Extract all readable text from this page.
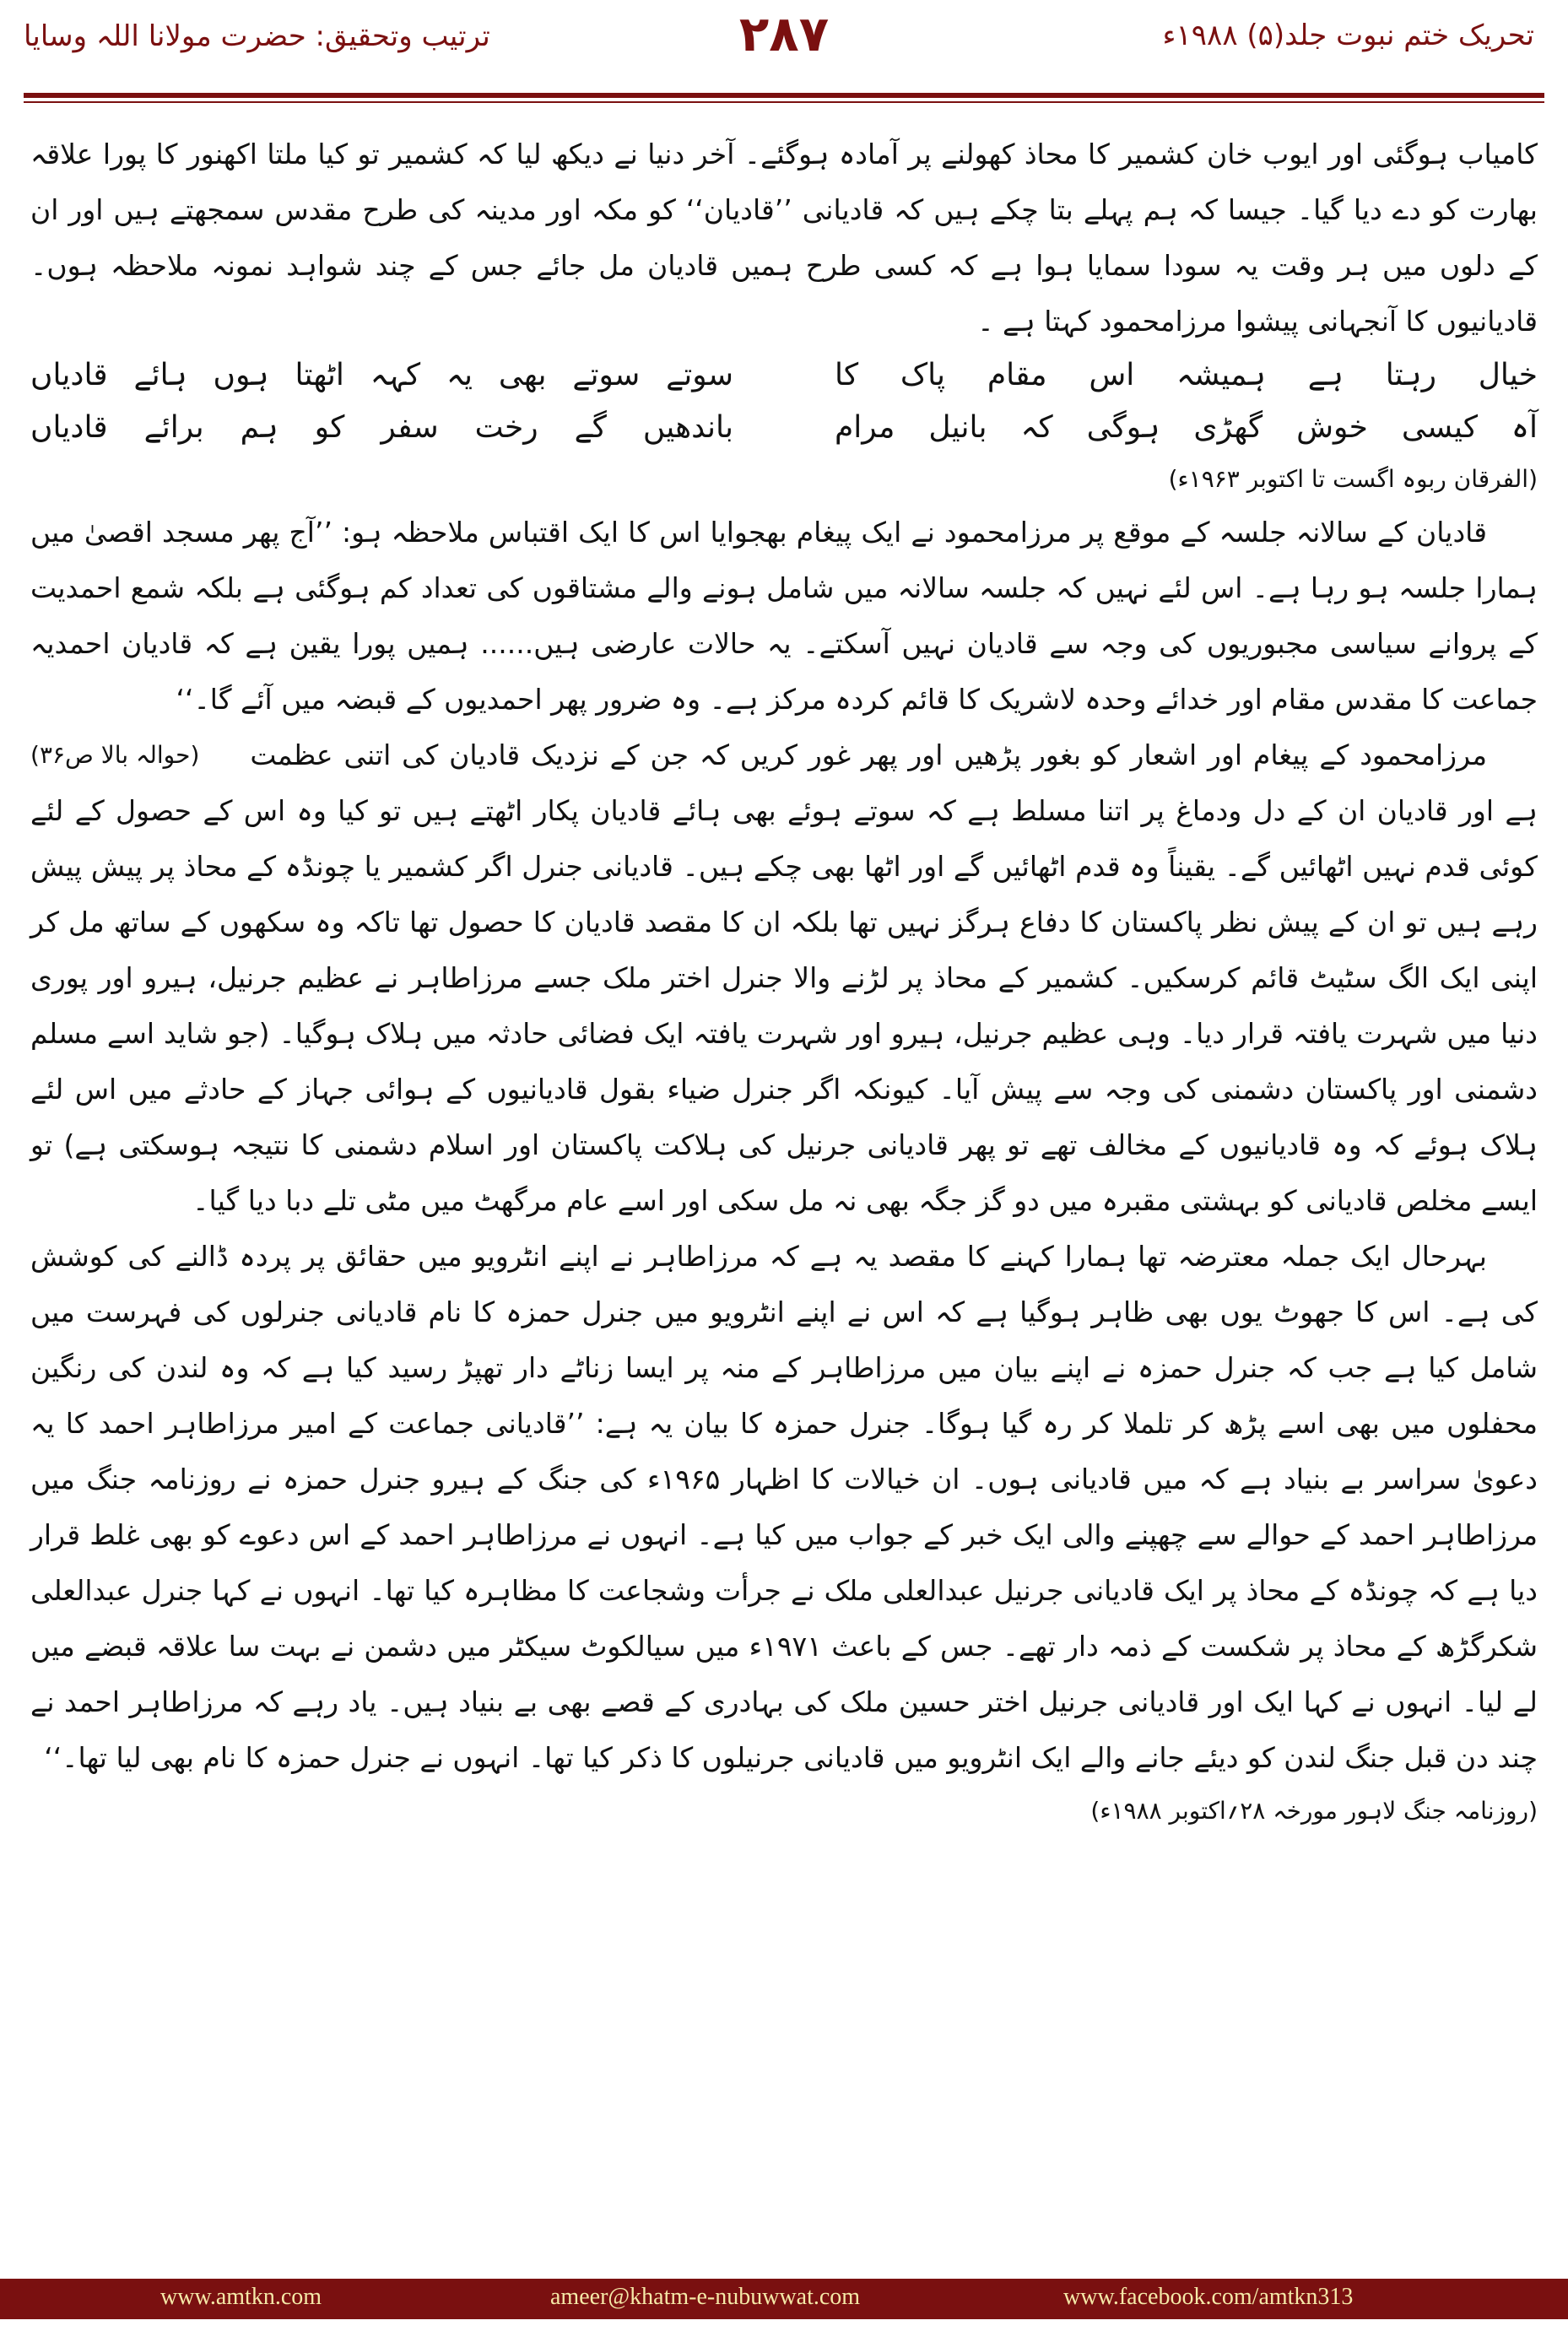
تحریک ختم نبوت جلد(۵) ۱۹۸۸ء
۲۸۷
ترتیب وتحقیق: حضرت مولانا اللہ وسایا

کامیاب ہوگئی اور ایوب خان کشمیر کا محاذ کھولنے پر آمادہ ہوگئے۔ آخر دنیا نے دیکھ لیا کہ کشمیر تو کیا ملتا اکھنور کا پورا علاقہ بھارت کو دے دیا گیا۔ جیسا کہ ہم پہلے بتا چکے ہیں کہ قادیانی ’’قادیان‘‘ کو مکہ اور مدینہ کی طرح مقدس سمجھتے ہیں اور ان کے دلوں میں ہر وقت یہ سودا سمایا ہوا ہے کہ کسی طرح ہمیں قادیان مل جائے جس کے چند شواہد نمونہ ملاحظہ ہوں۔ قادیانیوں کا آنجہانی پیشوا مرزامحمود کہتا ہے ۔

خیال رہتا ہے ہمیشہ اس مقام پاک کا	سوتے سوتے بھی یہ کہہ اٹھتا ہوں ہائے قادیاں
آہ کیسی خوش گھڑی ہوگی کہ بانیل مرام	باندھیں گے رخت سفر کو ہم برائے قادیاں
(الفرقان ربوہ اگست تا اکتوبر ۱۹۶۳ء)

قادیان کے سالانہ جلسہ کے موقع پر مرزامحمود نے ایک پیغام بھجوایا اس کا ایک اقتباس ملاحظہ ہو: ’’آج پھر مسجد اقصیٰ میں ہمارا جلسہ ہو رہا ہے۔ اس لئے نہیں کہ جلسہ سالانہ میں شامل ہونے والے مشتاقوں کی تعداد کم ہوگئی ہے بلکہ شمع احمدیت کے پروانے سیاسی مجبوریوں کی وجہ سے قادیان نہیں آسکتے۔ یہ حالات عارضی ہیں...... ہمیں پورا یقین ہے کہ قادیان احمدیہ جماعت کا مقدس مقام اور خدائے وحدہ لاشریک کا قائم کردہ مرکز ہے۔ وہ ضرور پھر احمدیوں کے قبضہ میں آئے گا۔‘‘
(حوالہ بالا ص۳۶)	مرزامحمود کے پیغام اور اشعار کو بغور پڑھیں اور پھر غور کریں کہ جن کے نزدیک قادیان کی اتنی عظمت ہے اور قادیان ان کے دل ودماغ پر اتنا مسلط ہے کہ سوتے ہوئے بھی ہائے قادیان پکار اٹھتے ہیں تو کیا وہ اس کے حصول کے لئے کوئی قدم نہیں اٹھائیں گے۔ یقیناً وہ قدم اٹھائیں گے اور اٹھا بھی چکے ہیں۔ قادیانی جنرل اگر کشمیر یا چونڈہ کے محاذ پر پیش پیش رہے ہیں تو ان کے پیش نظر پاکستان کا دفاع ہرگز نہیں تھا بلکہ ان کا مقصد قادیان کا حصول تھا تاکہ وہ سکھوں کے ساتھ مل کر اپنی ایک الگ سٹیٹ قائم کرسکیں۔ کشمیر کے محاذ پر لڑنے والا جنرل اختر ملک جسے مرزاطاہر نے عظیم جرنیل، ہیرو اور پوری دنیا میں شہرت یافتہ قرار دیا۔ وہی عظیم جرنیل، ہیرو اور شہرت یافتہ ایک فضائی حادثہ میں ہلاک ہوگیا۔ (جو شاید اسے مسلم دشمنی اور پاکستان دشمنی کی وجہ سے پیش آیا۔ کیونکہ اگر جنرل ضیاء بقول قادیانیوں کے ہوائی جہاز کے حادثے میں اس لئے ہلاک ہوئے کہ وہ قادیانیوں کے مخالف تھے تو پھر قادیانی جرنیل کی ہلاکت پاکستان اور اسلام دشمنی کا نتیجہ ہوسکتی ہے) تو ایسے مخلص قادیانی کو بہشتی مقبرہ میں دو گز جگہ بھی نہ مل سکی اور اسے عام مرگھٹ میں مٹی تلے دبا دیا گیا۔

بہرحال ایک جملہ معترضہ تھا ہمارا کہنے کا مقصد یہ ہے کہ مرزاطاہر نے اپنے انٹرویو میں حقائق پر پردہ ڈالنے کی کوشش کی ہے۔ اس کا جھوٹ یوں بھی ظاہر ہوگیا ہے کہ اس نے اپنے انٹرویو میں جنرل حمزہ کا نام قادیانی جنرلوں کی فہرست میں شامل کیا ہے جب کہ جنرل حمزہ نے اپنے بیان میں مرزاطاہر کے منہ پر ایسا زناٹے دار تھپڑ رسید کیا ہے کہ وہ لندن کی رنگین محفلوں میں بھی اسے پڑھ کر تلملا کر رہ گیا ہوگا۔ جنرل حمزہ کا بیان یہ ہے: ’’قادیانی جماعت کے امیر مرزاطاہر احمد کا یہ دعویٰ سراسر بے بنیاد ہے کہ میں قادیانی ہوں۔ ان خیالات کا اظہار ۱۹۶۵ء کی جنگ کے ہیرو جنرل حمزہ نے روزنامہ جنگ میں مرزاطاہر احمد کے حوالے سے چھپنے والی ایک خبر کے جواب میں کیا ہے۔ انہوں نے مرزاطاہر احمد کے اس دعوے کو بھی غلط قرار دیا ہے کہ چونڈہ کے محاذ پر ایک قادیانی جرنیل عبدالعلی ملک نے جرأت وشجاعت کا مظاہرہ کیا تھا۔ انہوں نے کہا جنرل عبدالعلی شکرگڑھ کے محاذ پر شکست کے ذمہ دار تھے۔ جس کے باعث ۱۹۷۱ء میں سیالکوٹ سیکٹر میں دشمن نے بہت سا علاقہ قبضے میں لے لیا۔ انہوں نے کہا ایک اور قادیانی جرنیل اختر حسین ملک کی بہادری کے قصے بھی بے بنیاد ہیں۔ یاد رہے کہ مرزاطاہر احمد نے چند دن قبل جنگ لندن کو دیئے جانے والے ایک انٹرویو میں قادیانی جرنیلوں کا ذکر کیا تھا۔ انہوں نے جنرل حمزہ کا نام بھی لیا تھا۔‘‘

(روزنامہ جنگ لاہور مورخہ ۲۸؍اکتوبر ۱۹۸۸ء)
www.amtkn.com	ameer@khatm-e-nubuwwat.com	www.facebook.com/amtkn313
